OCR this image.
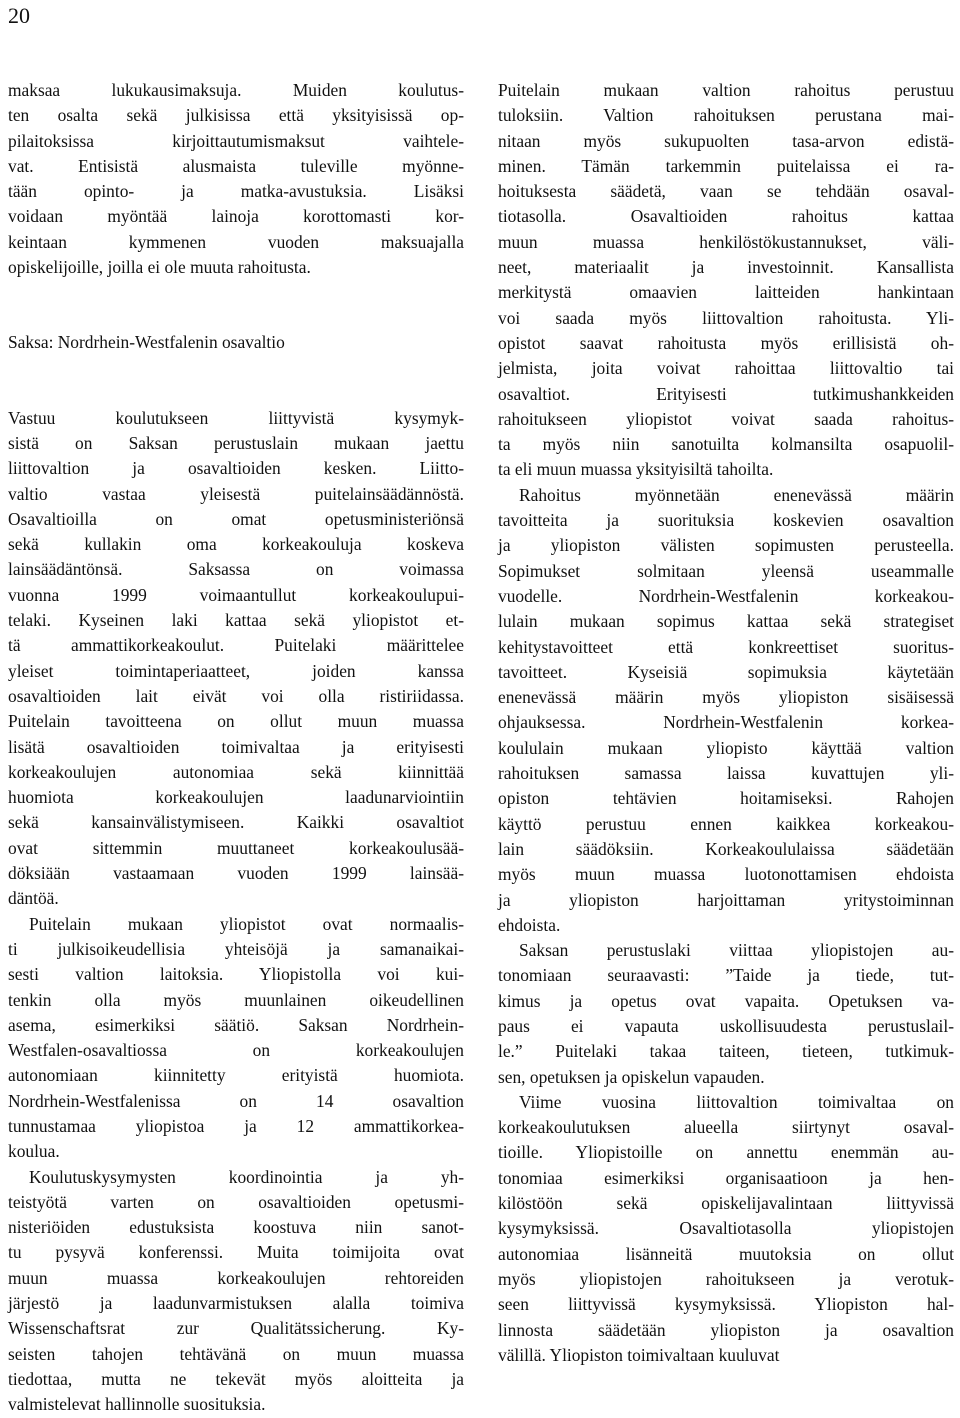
20
maksaa lukukausimaksuja. Muiden koulutus-
ten osalta sekä julkisissa että yksityisissä op-
pilaitoksissa kirjoittautumismaksut vaihtele-
vat. Entisistä alusmaista tuleville myönne-
tään opinto- ja matka-avustuksia. Lisäksi
voidaan myöntää lainoja korottomasti kor-
keintaan kymmenen vuoden maksuajalla
opiskelijoille, joilla ei ole muuta rahoitusta.
Saksa: Nordrhein-Westfalenin osavaltio
Vastuu koulutukseen liittyvistä kysymyk-
sistä on Saksan perustuslain mukaan jaettu
liittovaltion ja osavaltioiden kesken. Liitto-
valtio vastaa yleisestä puitelainsäädännöstä.
Osavaltioilla on omat opetusministeriönsä
sekä kullakin oma korkeakouluja koskeva
lainsäädäntönsä. Saksassa on voimassa
vuonna 1999 voimaantullut korkeakoulupui-
telaki. Kyseinen laki kattaa sekä yliopistot et-
tä ammattikorkeakoulut. Puitelaki määrittelee
yleiset toimintaperiaatteet, joiden kanssa
osavaltioiden lait eivät voi olla ristiriidassa.
Puitelain tavoitteena on ollut muun muassa
lisätä osavaltioiden toimivaltaa ja erityisesti
korkeakoulujen autonomiaa sekä kiinnittää
huomiota korkeakoulujen laadunarviointiin
sekä kansainvälistymiseen. Kaikki osavaltiot
ovat sittemmin muuttaneet korkeakoulusää-
döksiään vastaamaan vuoden 1999 lainsää-
däntöä.
Puitelain mukaan yliopistot ovat normaalis-
ti julkisoikeudellisia yhteisöjä ja samanaikai-
sesti valtion laitoksia. Yliopistolla voi kui-
tenkin olla myös muunlainen oikeudellinen
asema, esimerkiksi säätiö. Saksan Nordrhein-
Westfalen-osavaltiossa on korkeakoulujen
autonomiaan kiinnitetty erityistä huomiota.
Nordrhein-Westfalenissa on 14 osavaltion
tunnustamaa yliopistoa ja 12 ammattikorkea-
koulua.
Koulutuskysymysten koordinointia ja yh-
teistyötä varten on osavaltioiden opetusmi-
nisteriöiden edustuksista koostuva niin sanot-
tu pysyvä konferenssi. Muita toimijoita ovat
muun muassa korkeakoulujen rehtoreiden
järjestö ja laadunvarmistuksen alalla toimiva
Wissenschaftsrat zur Qualitätssicherung. Ky-
seisten tahojen tehtävänä on muun muassa
tiedottaa, mutta ne tekevät myös aloitteita ja
valmistelevat hallinnolle suosituksia.
Puitelain mukaan valtion rahoitus perustuu
tuloksiin. Valtion rahoituksen perustana mai-
nitaan myös sukupuolten tasa-arvon edistä-
minen. Tämän tarkemmin puitelaissa ei ra-
hoituksesta säädetä, vaan se tehdään osaval-
tiotasolla. Osavaltioiden rahoitus kattaa
muun muassa henkilöstökustannukset, väli-
neet, materiaalit ja investoinnit. Kansallista
merkitystä omaavien laitteiden hankintaan
voi saada myös liittovaltion rahoitusta. Yli-
opistot saavat rahoitusta myös erillisistä oh-
jelmista, joita voivat rahoittaa liittovaltio tai
osavaltiot. Erityisesti tutkimushankkeiden
rahoitukseen yliopistot voivat saada rahoitus-
ta myös niin sanotuilta kolmansilta osapuolil-
ta eli muun muassa yksityisiltä tahoilta.
Rahoitus myönnetään enenevässä määrin
tavoitteita ja suorituksia koskevien osavaltion
ja yliopiston välisten sopimusten perusteella.
Sopimukset solmitaan yleensä useammalle
vuodelle. Nordrhein-Westfalenin korkeakou-
lulain mukaan sopimus kattaa sekä strategiset
kehitystavoitteet että konkreettiset suoritus-
tavoitteet. Kyseisiä sopimuksia käytetään
enenevässä määrin myös yliopiston sisäisessä
ohjauksessa. Nordrhein-Westfalenin korkea-
koululain mukaan yliopisto käyttää valtion
rahoituksen samassa laissa kuvattujen yli-
opiston tehtävien hoitamiseksi. Rahojen
käyttö perustuu ennen kaikkea korkeakou-
lain säädöksiin. Korkeakoululaissa säädetään
myös muun muassa luotonottamisen ehdoista
ja yliopiston harjoittaman yritystoiminnan
ehdoista.
Saksan perustuslaki viittaa yliopistojen au-
tonomiaan seuraavasti: ”Taide ja tiede, tut-
kimus ja opetus ovat vapaita. Opetuksen va-
paus ei vapauta uskollisuudesta perustuslail-
le.” Puitelaki takaa taiteen, tieteen, tutkimuk-
sen, opetuksen ja opiskelun vapauden.
Viime vuosina liittovaltion toimivaltaa on
korkeakoulutuksen alueella siirtynyt osaval-
tioille. Yliopistoille on annettu enemmän au-
tonomiaa esimerkiksi organisaatioon ja hen-
kilöstöön sekä opiskelijavalintaan liittyvissä
kysymyksissä. Osavaltiotasolla yliopistojen
autonomiaa lisänneitä muutoksia on ollut
myös yliopistojen rahoitukseen ja verotuk-
seen liittyvissä kysymyksissä. Yliopiston hal-
linnosta säädetään yliopiston ja osavaltion
välillä. Yliopiston toimivaltaan kuuluvat
